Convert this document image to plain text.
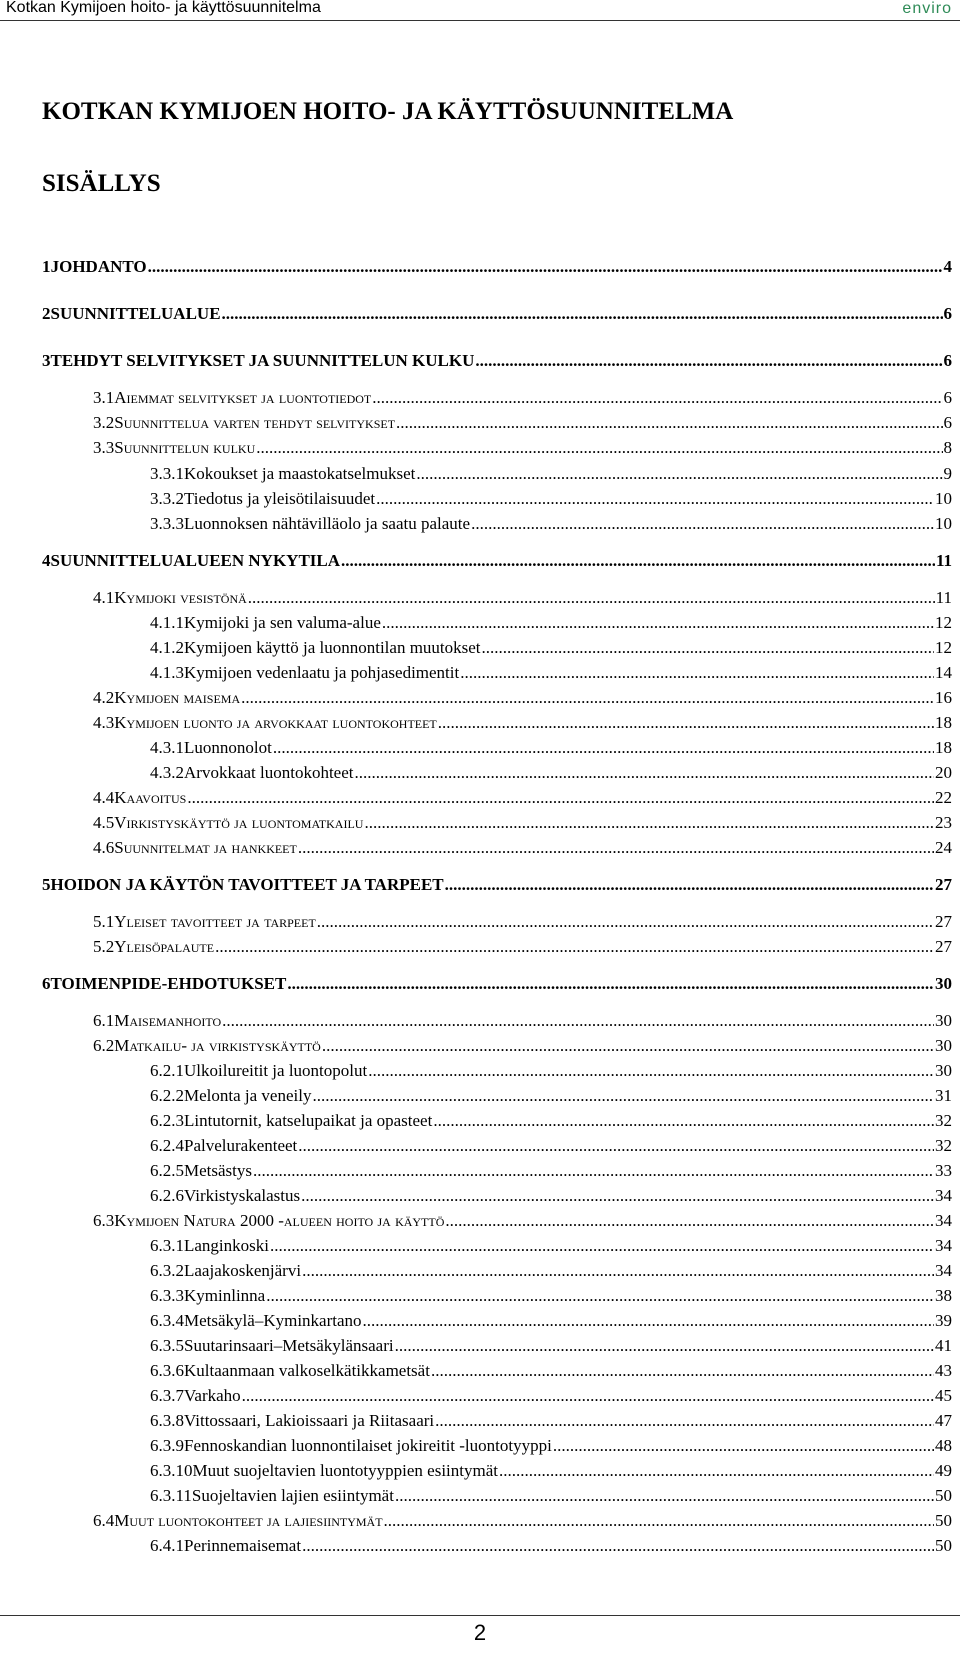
Kotkan Kymijoen hoito- ja käyttösuunnitelma	enviro
KOTKAN KYMIJOEN HOITO- JA KÄYTTÖSUUNNITELMA
SISÄLLYS
1 JOHDANTO .....	4
2 SUUNNITTELUALUE .....	6
3 TEHDYT SELVITYKSET JA SUUNNITTELUN KULKU .....	6
3.1 Aiemmat selvitykset ja luontotiedot .....	6
3.2 Suunnittelua varten tehdyt selvitykset .....	6
3.3 Suunnittelun kulku .....	8
3.3.1 Kokoukset ja maastokatselmukset .....	9
3.3.2 Tiedotus ja yleisötilaisuudet .....	10
3.3.3 Luonnoksen nähtävilläolo ja saatu palaute .....	10
4 SUUNNITTELUALUEEN NYKYTILA .....	11
4.1 Kymijoki vesistönä .....	11
4.1.1 Kymijoki ja sen valuma-alue .....	12
4.1.2 Kymijoen käyttö ja luonnontilan muutokset .....	12
4.1.3 Kymijoen vedenlaatu ja pohjasedimentit .....	14
4.2 Kymijoen maisema .....	16
4.3 Kymijoen luonto ja arvokkaat luontokohteet .....	18
4.3.1 Luonnonolot .....	18
4.3.2 Arvokkaat luontokohteet .....	20
4.4 Kaavoitus .....	22
4.5 Virkistyskäyttö ja luontomatkailu .....	23
4.6 Suunnitelmat ja hankkeet .....	24
5 HOIDON JA KÄYTÖN TAVOITTEET JA TARPEET .....	27
5.1 Yleiset tavoitteet ja tarpeet .....	27
5.2 Yleisöpalaute .....	27
6 TOIMENPIDE-EHDOTUKSET .....	30
6.1 Maisemanhoito .....	30
6.2 Matkailu- ja virkistyskäyttö .....	30
6.2.1 Ulkoilureitit ja luontopolut .....	30
6.2.2 Melonta ja veneily .....	31
6.2.3 Lintutornit, katselupaikat ja opasteet .....	32
6.2.4 Palvelurakenteet .....	32
6.2.5 Metsästys .....	33
6.2.6 Virkistyskalastus .....	34
6.3 Kymijoen Natura 2000 -alueen hoito ja käyttö .....	34
6.3.1 Langinkoski .....	34
6.3.2 Laajakoskenjärvi .....	34
6.3.3 Kyminlinna .....	38
6.3.4 Metsäkylä–Kyminkartano .....	39
6.3.5 Suutarinsaari–Metsäkylänsaari .....	41
6.3.6 Kultaanmaan valkoselkätikkametsät .....	43
6.3.7 Varkaho .....	45
6.3.8 Vittossaari, Lakioissaari ja Riitasaari .....	47
6.3.9 Fennoskandian luonnontilaiset jokireitit -luontotyyppi .....	48
6.3.10 Muut suojeltavien luontotyyppien esiintymät .....	49
6.3.11 Suojeltavien lajien esiintymät .....	50
6.4 Muut luontokohteet ja lajiesiintymät .....	50
6.4.1 Perinnemaisemat .....	50
2
